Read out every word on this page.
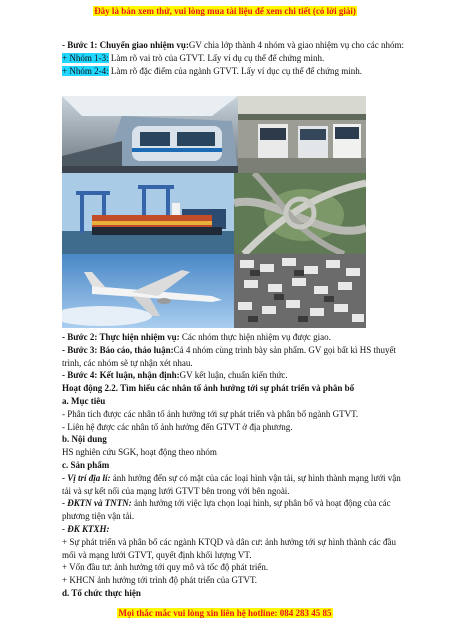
Đây là bản xem thử, vui lòng mua tài liệu để xem chi tiết (có lời giải)

- Bước 1: Chuyển giao nhiệm vụ:GV chia lớp thành 4 nhóm và giao nhiệm vụ cho các nhóm:

+ Nhóm 1-3: Làm rõ vai trò của GTVT. Lấy ví dụ cụ thể để chứng minh.

+ Nhóm 2-4: Làm rõ đặc điểm của ngành GTVT. Lấy ví dục cụ thể để chứng minh.

- Bước 2: Thực hiện nhiệm vụ: Các nhóm thực hiện nhiệm vụ được giao.

- Bước 3: Báo cáo, thảo luận:Cả 4 nhóm cùng trình bày sản phẩm. GV gọi bất kì HS thuyết trình, các nhóm sẽ tự nhận xét nhau.

- Bước 4: Kết luận, nhận định:GV kết luận, chuẩn kiến thức.

Hoạt động 2.2. Tìm hiểu các nhân tố ảnh hưởng tới sự phát triển và phân bố

a. Mục tiêu

- Phân tích được các nhân tố ảnh hưởng tới sự phát triển và phân bố ngành GTVT.

- Liên hệ được các nhân tố ảnh hưởng đến GTVT ở địa phương.

b. Nội dung

HS nghiên cứu SGK, hoạt động theo nhóm

c. Sản phẩm

- Vị trí địa lí: ảnh hưởng đến sự có mặt của các loại hình vận tải, sự hình thành mạng lưới vận tải và sự kết nối của mạng lưới GTVT bên trong với bên ngoài.

- ĐKTN và TNTN: ảnh hưởng tới việc lựa chọn loại hình, sự phân bố và hoạt động của các phương tiện vận tải.

- ĐK KTXH:

+ Sự phát triển và phân bố các ngành KTQD và dân cư: ảnh hưởng tới sự hình thành các đầu mối và mạng lưới GTVT, quyết định khối lượng VT.

+ Vốn đầu tư: ảnh hưởng tới quy mô và tốc độ phát triển.

+ KHCN ảnh hưởng tới trình độ phát triển của GTVT.

d. Tổ chức thực hiện

Mọi thắc mắc vui lòng xin liên hệ hotline: 084 283 45 85
